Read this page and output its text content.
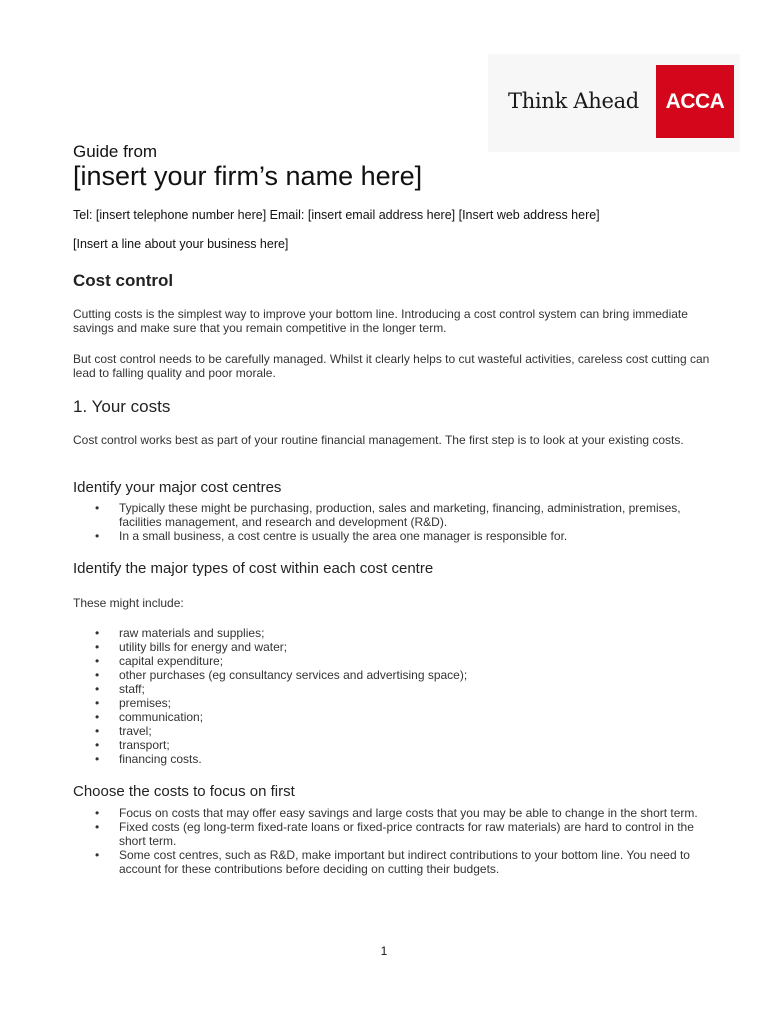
Think Ahead	ACCA
Guide from
[insert your firm’s name here]
Tel: [insert telephone number here] Email: [insert email address here] [Insert web address here]
[Insert a line about your business here]
Cost control
Cutting costs is the simplest way to improve your bottom line. Introducing a cost control system can bring immediate savings and make sure that you remain competitive in the longer term.
But cost control needs to be carefully managed. Whilst it clearly helps to cut wasteful activities, careless cost cutting can lead to falling quality and poor morale.
1. Your costs
Cost control works best as part of your routine financial management. The first step is to look at your existing costs.
Identify your major cost centres
• Typically these might be purchasing, production, sales and marketing, financing, administration, premises, facilities management, and research and development (R&D).
• In a small business, a cost centre is usually the area one manager is responsible for.
Identify the major types of cost within each cost centre
These might include:
• raw materials and supplies;
• utility bills for energy and water;
• capital expenditure;
• other purchases (eg consultancy services and advertising space);
• staff;
• premises;
• communication;
• travel;
• transport;
• financing costs.
Choose the costs to focus on first
• Focus on costs that may offer easy savings and large costs that you may be able to change in the short term.
• Fixed costs (eg long-term fixed-rate loans or fixed-price contracts for raw materials) are hard to control in the short term.
• Some cost centres, such as R&D, make important but indirect contributions to your bottom line. You need to account for these contributions before deciding on cutting their budgets.
1
